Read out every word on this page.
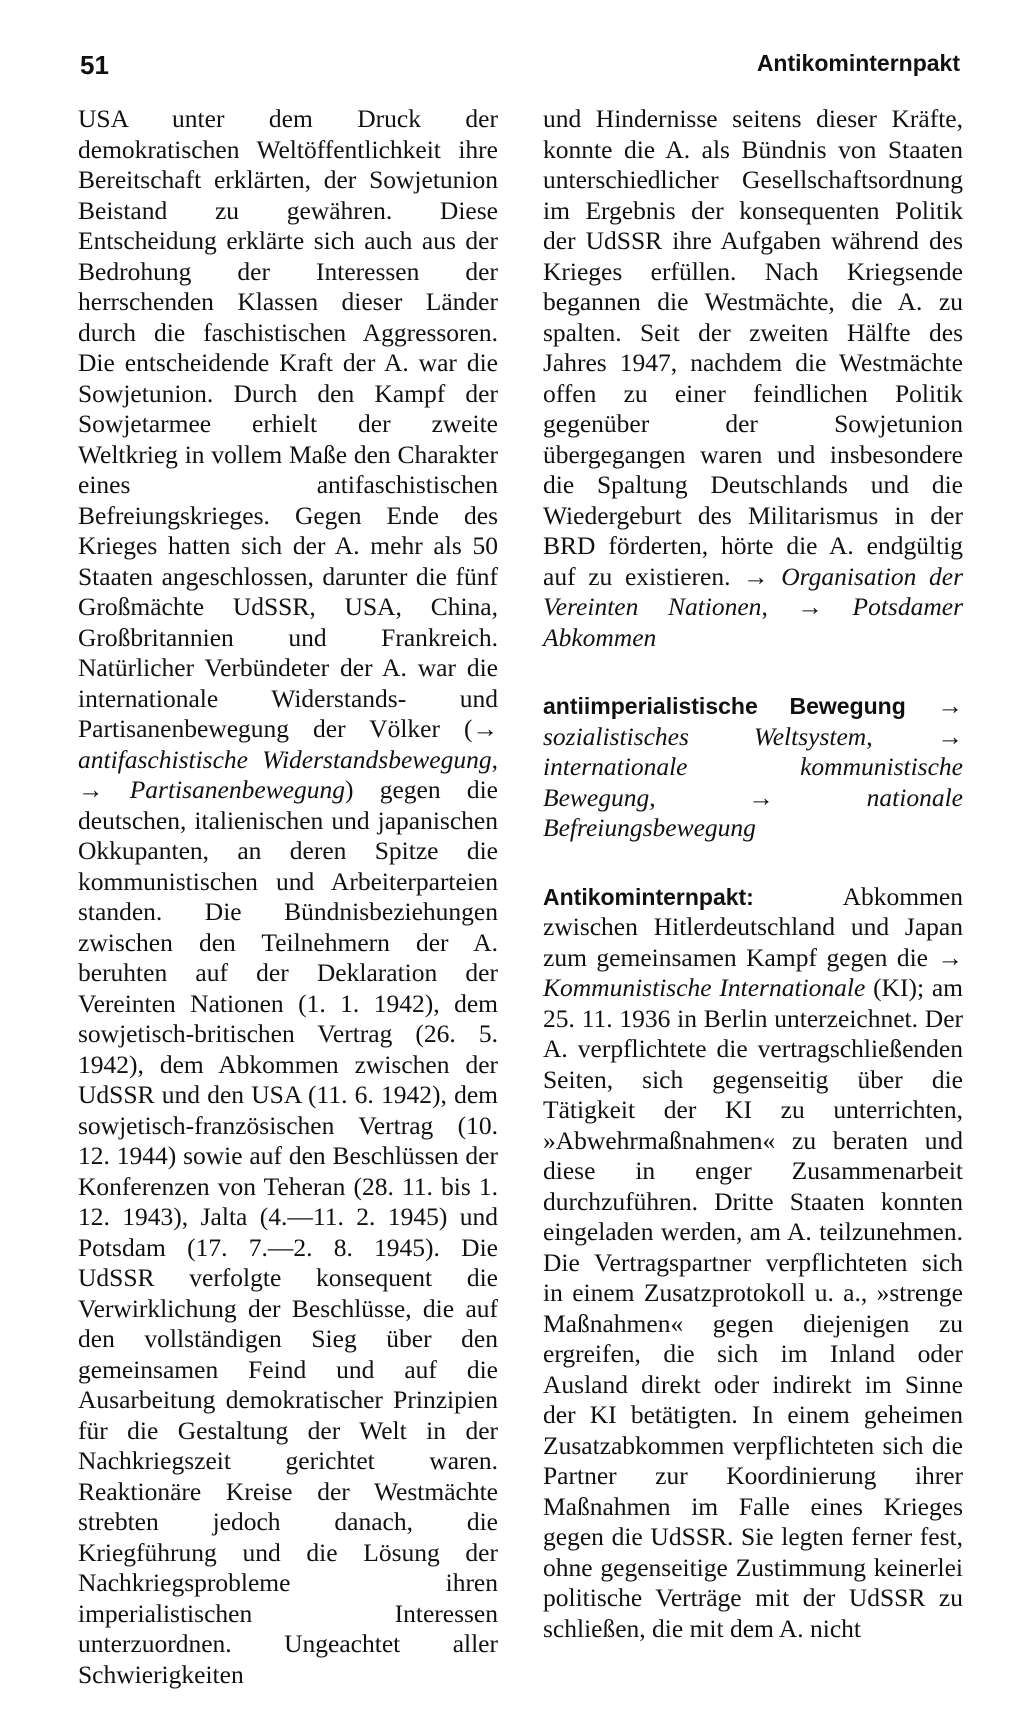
51	Antikominternpakt

USA unter dem Druck der demokratischen Weltöffentlichkeit ihre Bereitschaft erklärten, der Sowjetunion Beistand zu gewähren. Diese Entscheidung erklärte sich auch aus der Bedrohung der Interessen der herrschenden Klassen dieser Länder durch die faschistischen Aggressoren. Die entscheidende Kraft der A. war die Sowjetunion. Durch den Kampf der Sowjetarmee erhielt der zweite Weltkrieg in vollem Maße den Charakter eines antifaschistischen Befreiungskrieges. Gegen Ende des Krieges hatten sich der A. mehr als 50 Staaten angeschlossen, darunter die fünf Großmächte UdSSR, USA, China, Großbritannien und Frankreich. Natürlicher Verbündeter der A. war die internationale Widerstands- und Partisanenbewegung der Völker (→ antifaschistische Widerstandsbewegung, → Partisanenbewegung) gegen die deutschen, italienischen und japanischen Okkupanten, an deren Spitze die kommunistischen und Arbeiterparteien standen. Die Bündnisbeziehungen zwischen den Teilnehmern der A. beruhten auf der Deklaration der Vereinten Nationen (1. 1. 1942), dem sowjetisch-britischen Vertrag (26. 5. 1942), dem Abkommen zwischen der UdSSR und den USA (11. 6. 1942), dem sowjetisch-französischen Vertrag (10. 12. 1944) sowie auf den Beschlüssen der Konferenzen von Teheran (28. 11. bis 1. 12. 1943), Jalta (4.—11. 2. 1945) und Potsdam (17. 7.—2. 8. 1945). Die UdSSR verfolgte konsequent die Verwirklichung der Beschlüsse, die auf den vollständigen Sieg über den gemeinsamen Feind und auf die Ausarbeitung demokratischer Prinzipien für die Gestaltung der Welt in der Nachkriegszeit gerichtet waren. Reaktionäre Kreise der Westmächte strebten jedoch danach, die Kriegführung und die Lösung der Nachkriegsprobleme ihren imperialistischen Interessen unterzuordnen. Ungeachtet aller Schwierigkeiten

und Hindernisse seitens dieser Kräfte, konnte die A. als Bündnis von Staaten unterschiedlicher Gesellschaftsordnung im Ergebnis der konsequenten Politik der UdSSR ihre Aufgaben während des Krieges erfüllen. Nach Kriegsende begannen die Westmächte, die A. zu spalten. Seit der zweiten Hälfte des Jahres 1947, nachdem die Westmächte offen zu einer feindlichen Politik gegenüber der Sowjetunion übergegangen waren und insbesondere die Spaltung Deutschlands und die Wiedergeburt des Militarismus in der BRD förderten, hörte die A. endgültig auf zu existieren. → Organisation der Vereinten Nationen, → Potsdamer Abkommen

antiimperialistische Bewegung → sozialistisches Weltsystem, → internationale kommunistische Bewegung, → nationale Befreiungsbewegung

Antikominternpakt: Abkommen zwischen Hitlerdeutschland und Japan zum gemeinsamen Kampf gegen die → Kommunistische Internationale (KI); am 25. 11. 1936 in Berlin unterzeichnet. Der A. verpflichtete die vertragschließenden Seiten, sich gegenseitig über die Tätigkeit der KI zu unterrichten, »Abwehrmaßnahmen« zu beraten und diese in enger Zusammenarbeit durchzuführen. Dritte Staaten konnten eingeladen werden, am A. teilzunehmen. Die Vertragspartner verpflichteten sich in einem Zusatzprotokoll u. a., »strenge Maßnahmen« gegen diejenigen zu ergreifen, die sich im Inland oder Ausland direkt oder indirekt im Sinne der KI betätigten. In einem geheimen Zusatzabkommen verpflichteten sich die Partner zur Koordinierung ihrer Maßnahmen im Falle eines Krieges gegen die UdSSR. Sie legten ferner fest, ohne gegenseitige Zustimmung keinerlei politische Verträge mit der UdSSR zu schließen, die mit dem A. nicht
